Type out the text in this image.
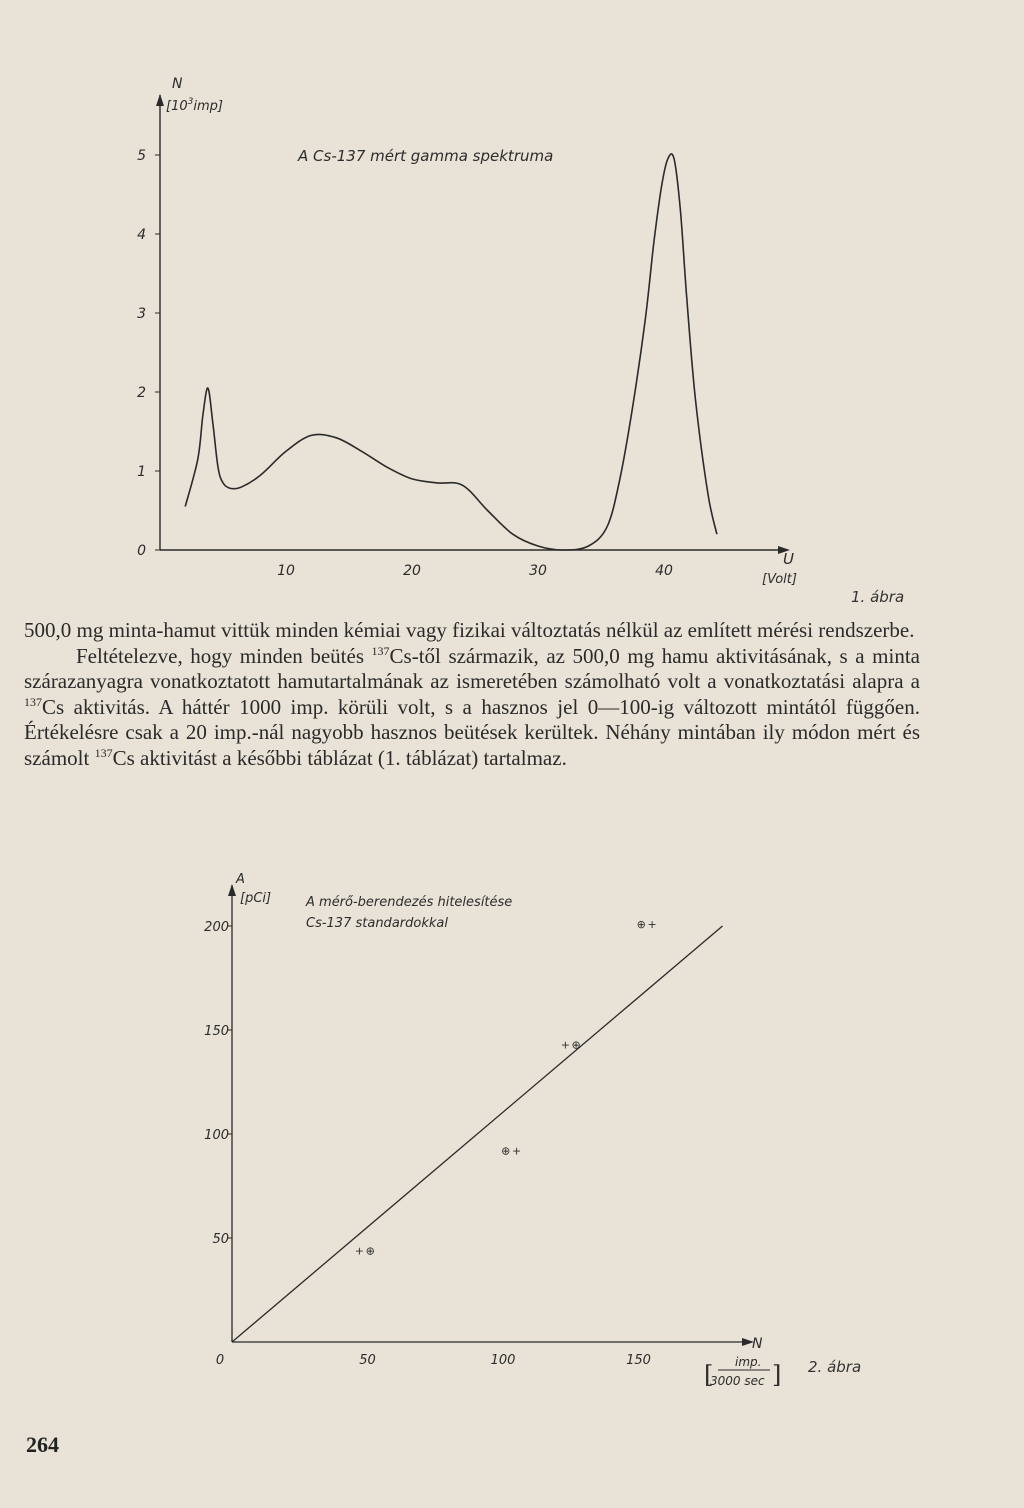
0
1
2
3
4
5
10	20	30	40
A Cs-137 mért gamma spektruma
N
$[10^3imp]$
U
[Volt]
1. ábra

500,0 mg minta-hamut vittük minden kémiai vagy fizikai változtatás nélkül az említett mérési rendszerbe.

Feltételezve, hogy minden beütés $^{137}$Cs-től származik, az 500,0 mg hamu aktivitásának, s a minta szárazanyagra vonatkoztatott hamutartalmának az ismeretében számolható volt a vonatkoztatási alapra a $^{137}$Cs aktivitás. A háttér 1000 imp. körüli volt, s a hasznos jel 0—100-ig változott mintától függően. Értékelésre csak a 20 imp.-nál nagyobb hasznos beütések kerültek. Néhány mintában ily módon mért és számolt $^{137}$Cs aktivitást a későbbi táblázat (1. táblázat) tartalmaz.

50
100
150
200
0	50	100	150
+ ⊕
⊕ +
+ ⊕
⊕ +
A mérő-berendezés hitelesítése
Cs-137 standardokkal
A
[pCi]
N
imp.
3000 sec
[ ] 2. ábra
264
